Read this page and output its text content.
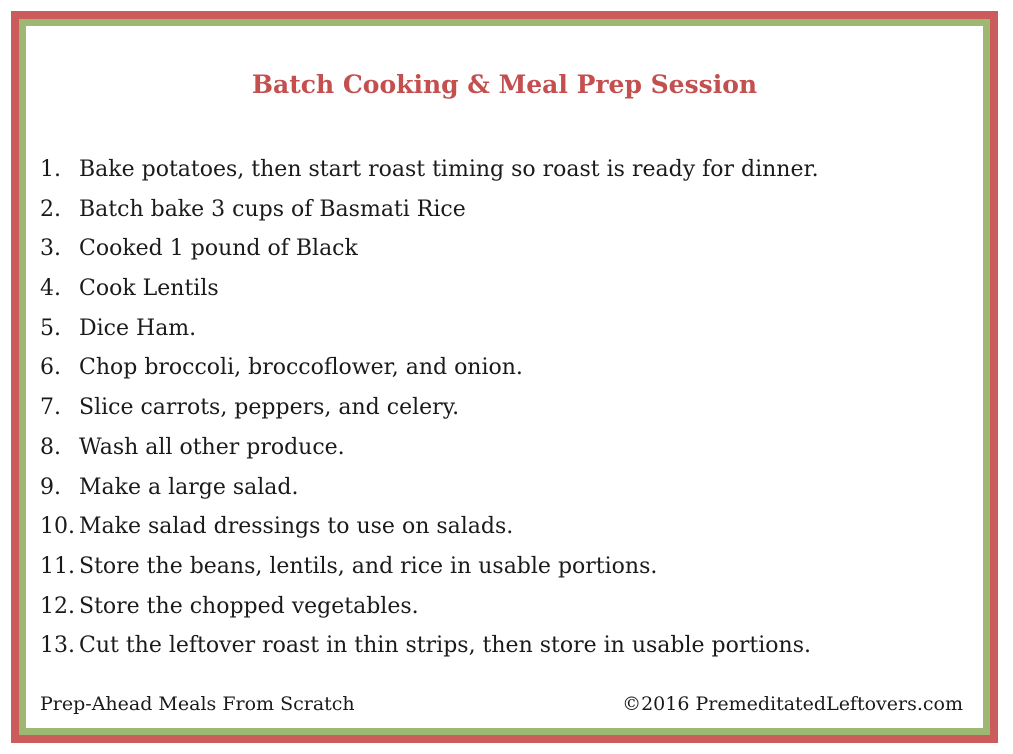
Batch Cooking & Meal Prep Session
1. Bake potatoes, then start roast timing so roast is ready for dinner.
2. Batch bake 3 cups of Basmati Rice
3. Cooked 1 pound of Black
4. Cook Lentils
5. Dice Ham.
6. Chop broccoli, broccoflower, and onion.
7. Slice carrots, peppers, and celery.
8. Wash all other produce.
9. Make a large salad.
10. Make salad dressings to use on salads.
11. Store the beans, lentils, and rice in usable portions.
12. Store the chopped vegetables.
13. Cut the leftover roast in thin strips, then store in usable portions.

Prep-Ahead Meals From Scratch	©2016 PremeditatedLeftovers.com
